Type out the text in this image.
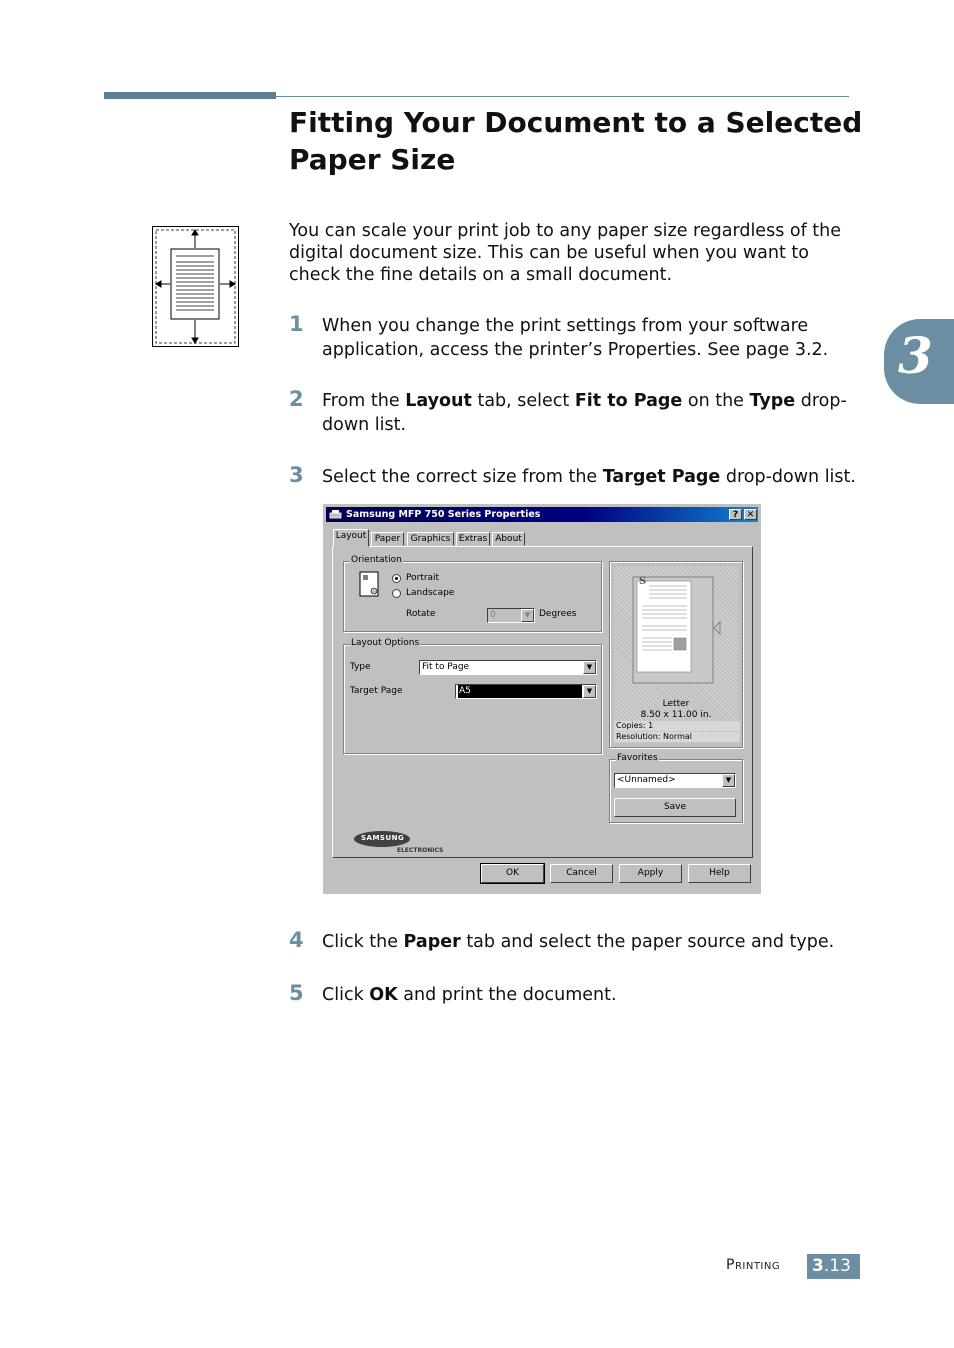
Fitting Your Document to a Selected Paper Size
3
You can scale your print job to any paper size regardless of the digital document size. This can be useful when you want to check the fine details on a small document.
1 When you change the print settings from your software application, access the printer’s Properties. See page 3.2.
2 From the Layout tab, select Fit to Page on the Type drop-down list.
3 Select the correct size from the Target Page drop-down list.
Samsung MFP 750 Series Properties	? ✕
Layout Paper	Graphics Extras About
Orientation
Portrait
Landscape
Rotate	0	▼ Degrees
Layout Options
Type	Fit to Page	▼
Target Page	A5	▼
S
Letter
8.50 x 11.00 in.
Copies: 1
Resolution: Normal
Favorites
<Unnamed>	▼
Save
SAMSUNG
ELECTRONICS
OK	Cancel	Apply	Help
4 Click the Paper tab and select the paper source and type.
5 Click OK and print the document.
Printing 3.13
